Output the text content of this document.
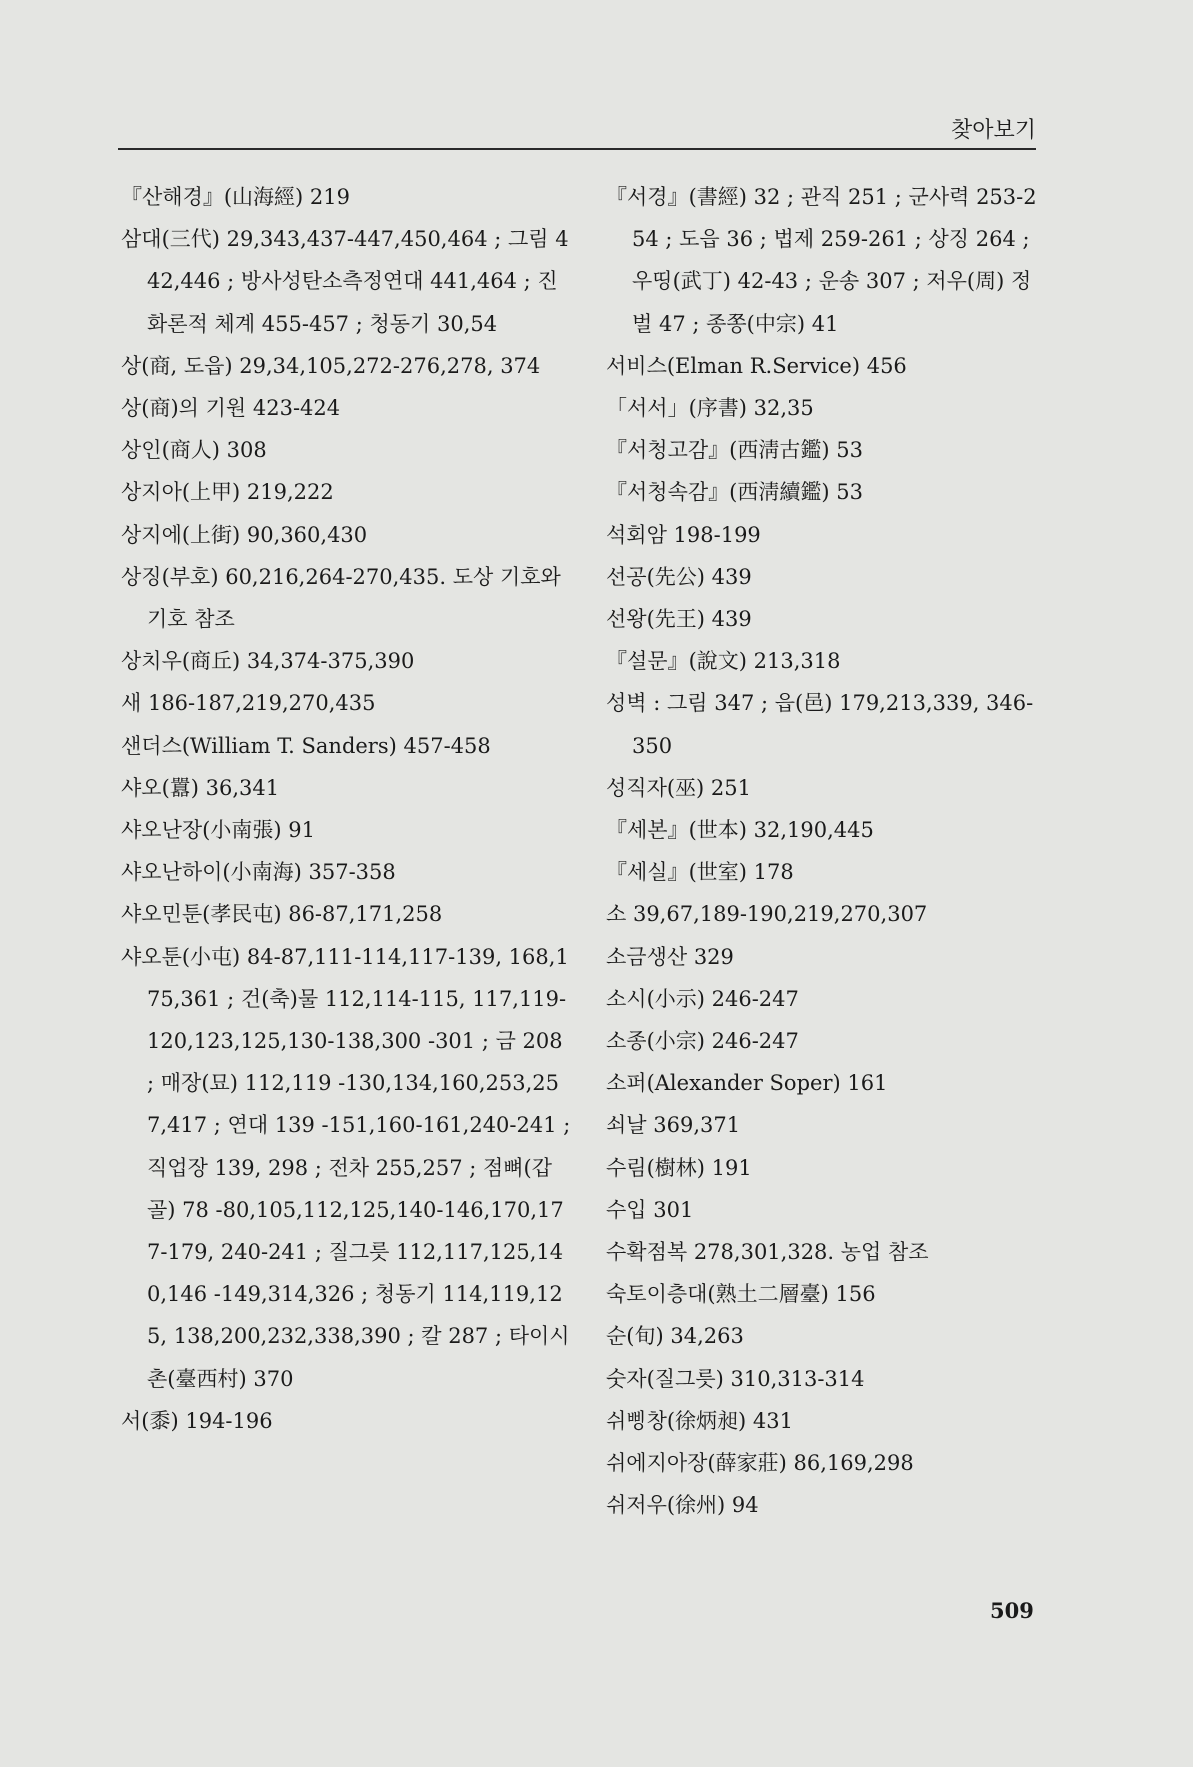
찾아보기
『산해경』(山海經) 219
삼대(三代) 29,343,437-447,450,464 ; 그림 442,446 ; 방사성탄소측정연대 441,464 ; 진화론적 체계 455-457 ; 청동기 30,54
상(商, 도읍) 29,34,105,272-276,278, 374
상(商)의 기원 423-424
상인(商人) 308
상지아(上甲) 219,222
상지에(上街) 90,360,430
상징(부호) 60,216,264-270,435. 도상 기호와 기호 참조
상치우(商丘) 34,374-375,390
새 186-187,219,270,435
샌더스(William T. Sanders) 457-458
샤오(囂) 36,341
샤오난장(小南張) 91
샤오난하이(小南海) 357-358
샤오민툰(孝民屯) 86-87,171,258
샤오툰(小屯) 84-87,111-114,117-139, 168,175,361 ; 건(축)물 112,114-115, 117,119-120,123,125,130-138,300 -301 ; 금 208 ; 매장(묘) 112,119 -130,134,160,253,257,417 ; 연대 139 -151,160-161,240-241 ; 직업장 139, 298 ; 전차 255,257 ; 점뼈(갑골) 78 -80,105,112,125,140-146,170,177-179, 240-241 ; 질그릇 112,117,125,140,146 -149,314,326 ; 청동기 114,119,125, 138,200,232,338,390 ; 칼 287 ; 타이시 촌(臺西村) 370
서(黍) 194-196
『서경』(書經) 32 ; 관직 251 ; 군사력 253-254 ; 도읍 36 ; 법제 259-261 ; 상징 264 ; 우띵(武丁) 42-43 ; 운송 307 ; 저우(周) 정벌 47 ; 종쫑(中宗) 41
서비스(Elman R.Service) 456
「서서」(序書) 32,35
『서청고감』(西淸古鑑) 53
『서청속감』(西淸續鑑) 53
석회암 198-199
선공(先公) 439
선왕(先王) 439
『설문』(說文) 213,318
성벽 : 그림 347 ; 읍(邑) 179,213,339, 346-350
성직자(巫) 251
『세본』(世本) 32,190,445
『세실』(世室) 178
소 39,67,189-190,219,270,307
소금생산 329
소시(小示) 246-247
소종(小宗) 246-247
소퍼(Alexander Soper) 161
쇠날 369,371
수림(樹林) 191
수입 301
수확점복 278,301,328. 농업 참조
숙토이층대(熟土二層臺) 156
순(旬) 34,263
숫자(질그릇) 310,313-314
쉬삥창(徐炳昶) 431
쉬에지아장(薛家莊) 86,169,298
쉬저우(徐州) 94
509
